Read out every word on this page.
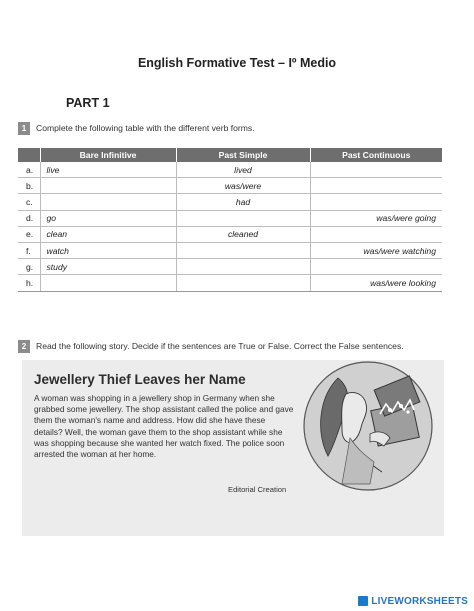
English Formative Test – Iº Medio
PART 1
1	Complete the following table with the different verb forms.
	Bare Infinitive	Past Simple	Past Continuous
a.	live	lived	
b.		was/were	
c.		had	
d.	go		was/were going
e.	clean	cleaned	
f.	watch		was/were watching
g.	study		
h.			was/were looking
2	Read the following story. Decide if the sentences are True or False. Correct the False sentences.
Jewellery Thief Leaves her Name
A woman was shopping in a jewellery shop in Germany when she grabbed some jewellery. The shop assistant called the police and gave them the woman's name and address. How did she have these details? Well, the woman gave them to the shop assistant while she was shopping because she wanted her watch fixed. The police soon arrested the woman at her home.
Editorial Creation
LIVEWORKSHEETS
